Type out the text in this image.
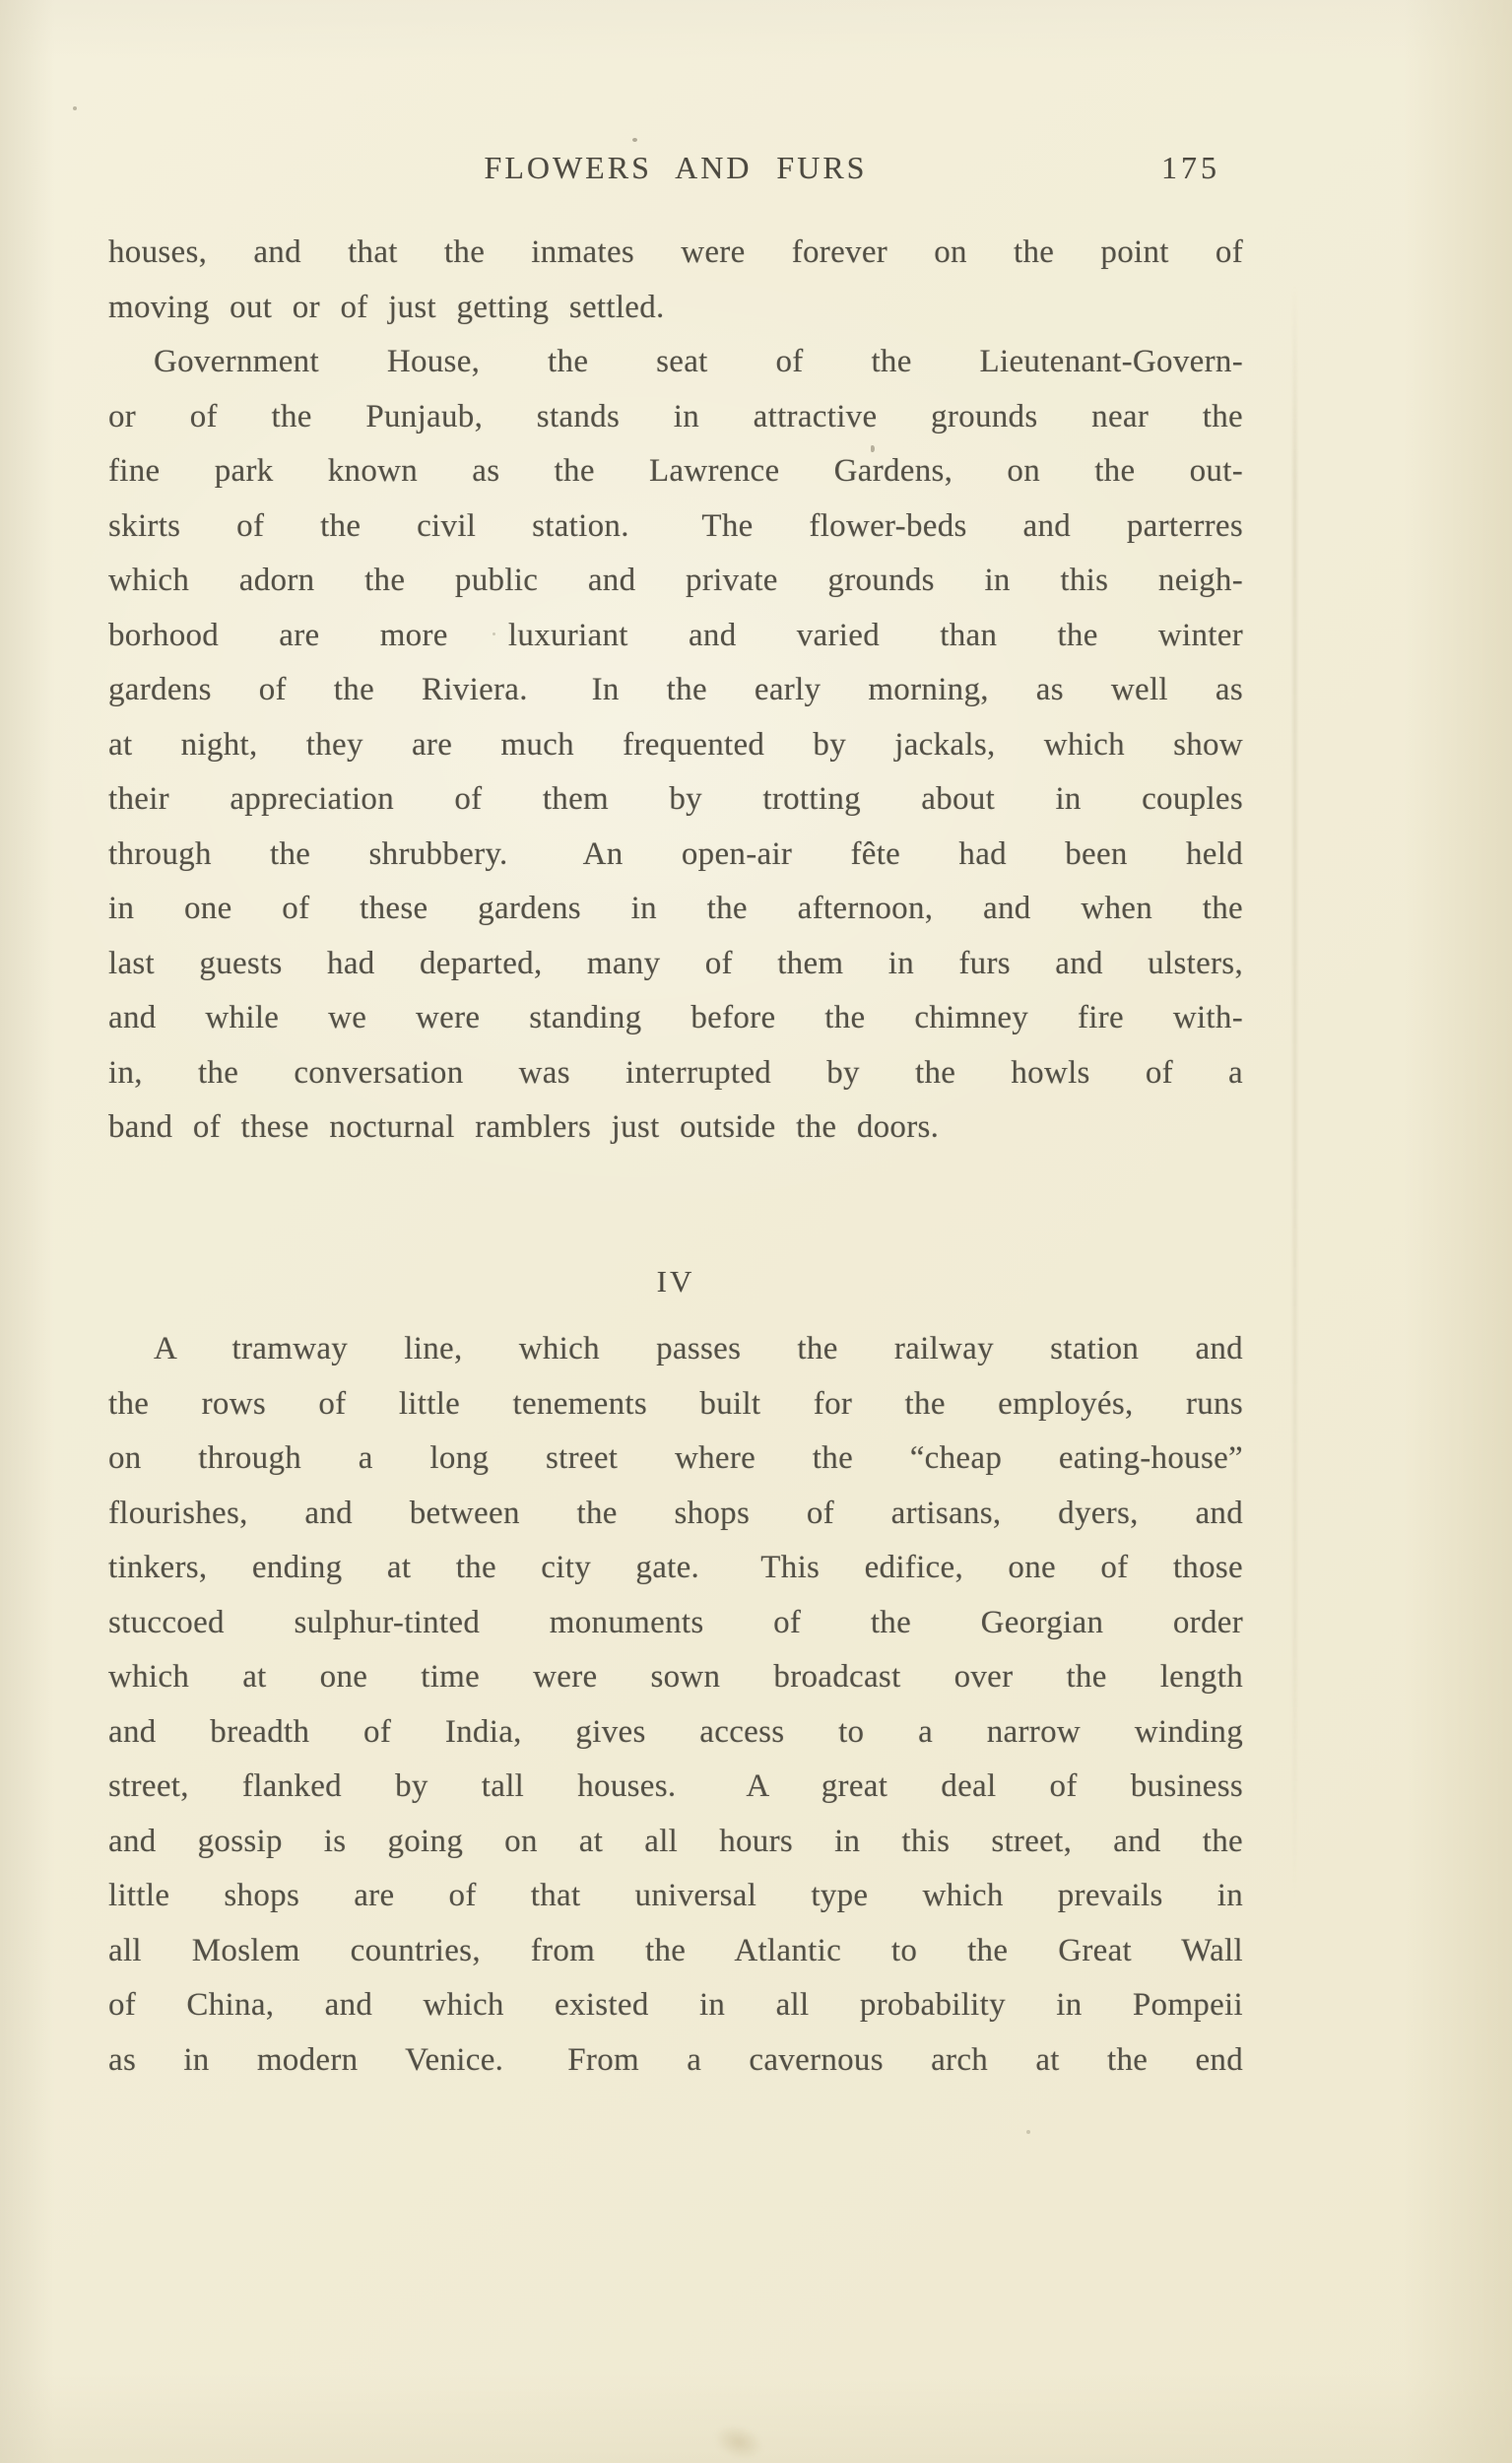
FLOWERS AND FURS	175
houses, and that the inmates were forever on the point of
moving out or of just getting settled.
Government House, the seat of the Lieutenant-Govern-
or of the Punjaub, stands in attractive grounds near the
fine park known as the Lawrence Gardens, on the out-
skirts of the civil station.  The flower-beds and parterres
which adorn the public and private grounds in this neigh-
borhood are more luxuriant and varied than the winter
gardens of the Riviera.  In the early morning, as well as
at night, they are much frequented by jackals, which show
their appreciation of them by trotting about in couples
through the shrubbery.  An open-air fête had been held
in one of these gardens in the afternoon, and when the
last guests had departed, many of them in furs and ulsters,
and while we were standing before the chimney fire with-
in, the conversation was interrupted by the howls of a
band of these nocturnal ramblers just outside the doors.
IV
A tramway line, which passes the railway station and
the rows of little tenements built for the employés, runs
on through a long street where the “cheap eating-house”
flourishes, and between the shops of artisans, dyers, and
tinkers, ending at the city gate.  This edifice, one of those
stuccoed sulphur-tinted monuments of the Georgian order
which at one time were sown broadcast over the length
and breadth of India, gives access to a narrow winding
street, flanked by tall houses.  A great deal of business
and gossip is going on at all hours in this street, and the
little shops are of that universal type which prevails in
all Moslem countries, from the Atlantic to the Great Wall
of China, and which existed in all probability in Pompeii
as in modern Venice.  From a cavernous arch at the end
